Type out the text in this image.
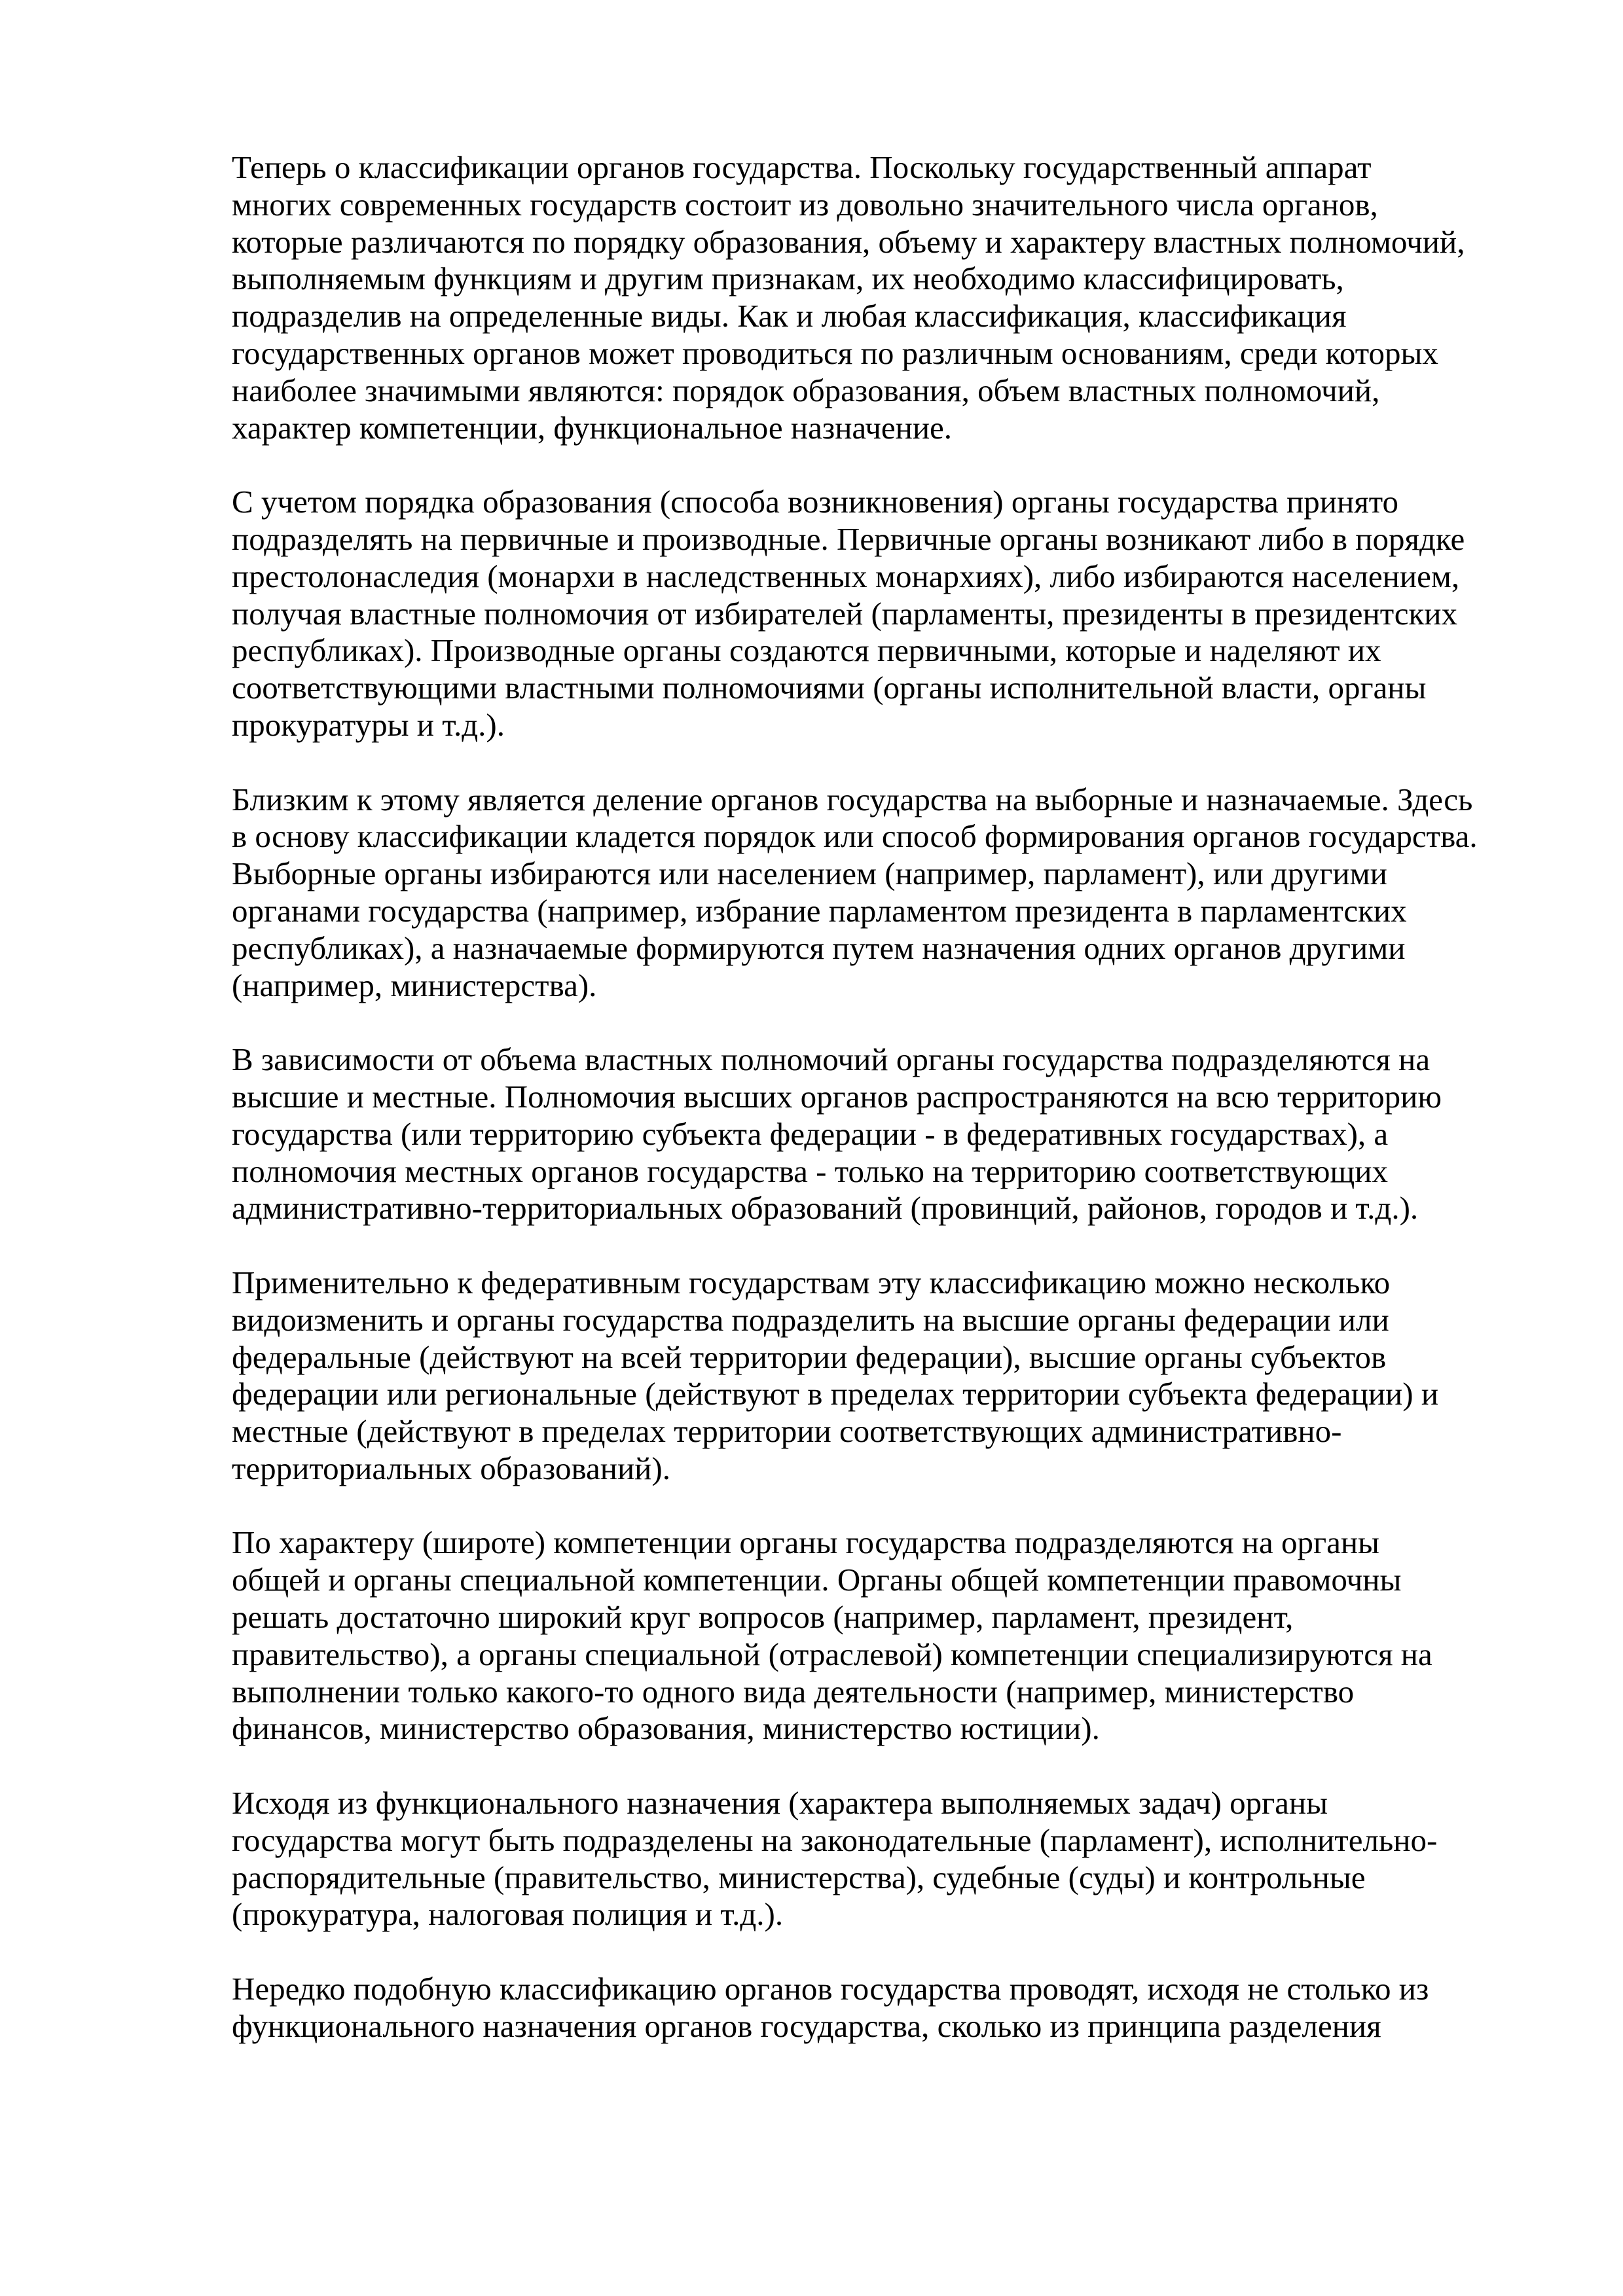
Теперь о классификации органов государства. Поскольку государственный аппарат
многих современных государств состоит из довольно значительного числа органов,
которые различаются по порядку образования, объему и характеру властных полномочий,
выполняемым функциям и другим признакам, их необходимо классифицировать,
подразделив на определенные виды. Как и любая классификация, классификация
государственных органов может проводиться по различным основаниям, среди которых
наиболее значимыми являются: порядок образования, объем властных полномочий,
характер компетенции, функциональное назначение.

С учетом порядка образования (способа возникновения) органы государства принято
подразделять на первичные и производные. Первичные органы возникают либо в порядке
престолонаследия (монархи в наследственных монархиях), либо избираются населением,
получая властные полномочия от избирателей (парламенты, президенты в президентских
республиках). Производные органы создаются первичными, которые и наделяют их
соответствующими властными полномочиями (органы исполнительной власти, органы
прокуратуры и т.д.).

Близким к этому является деление органов государства на выборные и назначаемые. Здесь
в основу классификации кладется порядок или способ формирования органов государства.
Выборные органы избираются или населением (например, парламент), или другими
органами государства (например, избрание парламентом президента в парламентских
республиках), а назначаемые формируются путем назначения одних органов другими
(например, министерства).

В зависимости от объема властных полномочий органы государства подразделяются на
высшие и местные. Полномочия высших органов распространяются на всю территорию
государства (или территорию субъекта федерации - в федеративных государствах), а
полномочия местных органов государства - только на территорию соответствующих
административно-территориальных образований (провинций, районов, городов и т.д.).

Применительно к федеративным государствам эту классификацию можно несколько
видоизменить и органы государства подразделить на высшие органы федерации или
федеральные (действуют на всей территории федерации), высшие органы субъектов
федерации или региональные (действуют в пределах территории субъекта федерации) и
местные (действуют в пределах территории соответствующих административно-
территориальных образований).

По характеру (широте) компетенции органы государства подразделяются на органы
общей и органы специальной компетенции. Органы общей компетенции правомочны
решать достаточно широкий круг вопросов (например, парламент, президент,
правительство), а органы специальной (отраслевой) компетенции специализируются на
выполнении только какого-то одного вида деятельности (например, министерство
финансов, министерство образования, министерство юстиции).

Исходя из функционального назначения (характера выполняемых задач) органы
государства могут быть подразделены на законодательные (парламент), исполнительно-
распорядительные (правительство, министерства), судебные (суды) и контрольные
(прокуратура, налоговая полиция и т.д.).

Нередко подобную классификацию органов государства проводят, исходя не столько из
функционального назначения органов государства, сколько из принципа разделения
